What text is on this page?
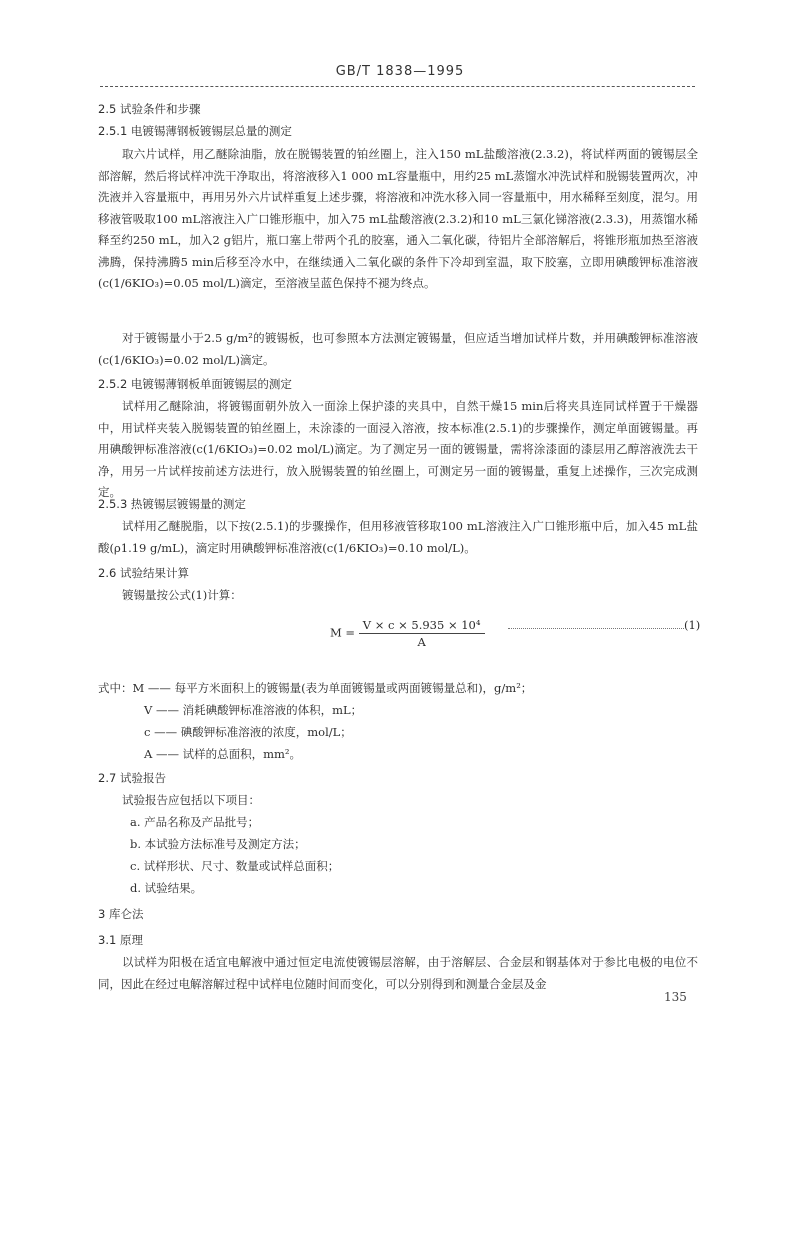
GB/T 1838—1995
2.5 试验条件和步骤
2.5.1 电镀锡薄钢板镀锡层总量的测定
取六片试样，用乙醚除油脂，放在脱锡装置的铂丝圈上，注入150 mL盐酸溶液(2.3.2)，将试样两面的镀锡层全部溶解，然后将试样冲洗干净取出，将溶液移入1 000 mL容量瓶中，用约25 mL蒸馏水冲洗试样和脱锡装置两次，冲洗液并入容量瓶中，再用另外六片试样重复上述步骤，将溶液和冲洗水移入同一容量瓶中，用水稀释至刻度，混匀。用移液管吸取100 mL溶液注入广口锥形瓶中，加入75 mL盐酸溶液(2.3.2)和10 mL三氯化锑溶液(2.3.3)，用蒸馏水稀释至约250 mL，加入2 g铝片，瓶口塞上带两个孔的胶塞，通入二氧化碳，待铝片全部溶解后，将锥形瓶加热至溶液沸腾，保持沸腾5 min后移至冷水中，在继续通入二氧化碳的条件下冷却到室温，取下胶塞，立即用碘酸钾标准溶液(c(1/6KIO₃)=0.05 mol/L)滴定，至溶液呈蓝色保持不褪为终点。
对于镀锡量小于2.5 g/m²的镀锡板，也可参照本方法测定镀锡量，但应适当增加试样片数，并用碘酸钾标准溶液(c(1/6KIO₃)=0.02 mol/L)滴定。
2.5.2 电镀锡薄钢板单面镀锡层的测定
试样用乙醚除油，将镀锡面朝外放入一面涂上保护漆的夹具中，自然干燥15 min后将夹具连同试样置于干燥器中，用试样夹装入脱锡装置的铂丝圈上，未涂漆的一面浸入溶液，按本标准(2.5.1)的步骤操作，测定单面镀锡量。再用碘酸钾标准溶液(c(1/6KIO₃)=0.02 mol/L)滴定。为了测定另一面的镀锡量，需将涂漆面的漆层用乙醇溶液洗去干净，用另一片试样按前述方法进行，放入脱锡装置的铂丝圈上，可测定另一面的镀锡量，重复上述操作，三次完成测定。
2.5.3 热镀锡层镀锡量的测定
试样用乙醚脱脂，以下按(2.5.1)的步骤操作，但用移液管移取100 mL溶液注入广口锥形瓶中后，加入45 mL盐酸(ρ1.19 g/mL)，滴定时用碘酸钾标准溶液(c(1/6KIO₃)=0.10 mol/L)。
2.6 试验结果计算
镀锡量按公式(1)计算：
$M = \frac{\text{V × c × 5.935 × 10⁴}}{A}$	(1)
式中：M —— 每平方米面积上的镀锡量(表为单面镀锡量或两面镀锡量总和)，g/m²；
V —— 消耗碘酸钾标准溶液的体积，mL；
c —— 碘酸钾标准溶液的浓度，mol/L；
A —— 试样的总面积，mm²。
2.7 试验报告
试验报告应包括以下项目：
a. 产品名称及产品批号；
b. 本试验方法标准号及测定方法；
c. 试样形状、尺寸、数量或试样总面积；
d. 试验结果。
3 库仑法
3.1 原理
以试样为阳极在适宜电解液中通过恒定电流使镀锡层溶解，由于溶解层、合金层和钢基体对于参比电极的电位不同，因此在经过电解溶解过程中试样电位随时间而变化，可以分别得到和测量合金层及金
135
